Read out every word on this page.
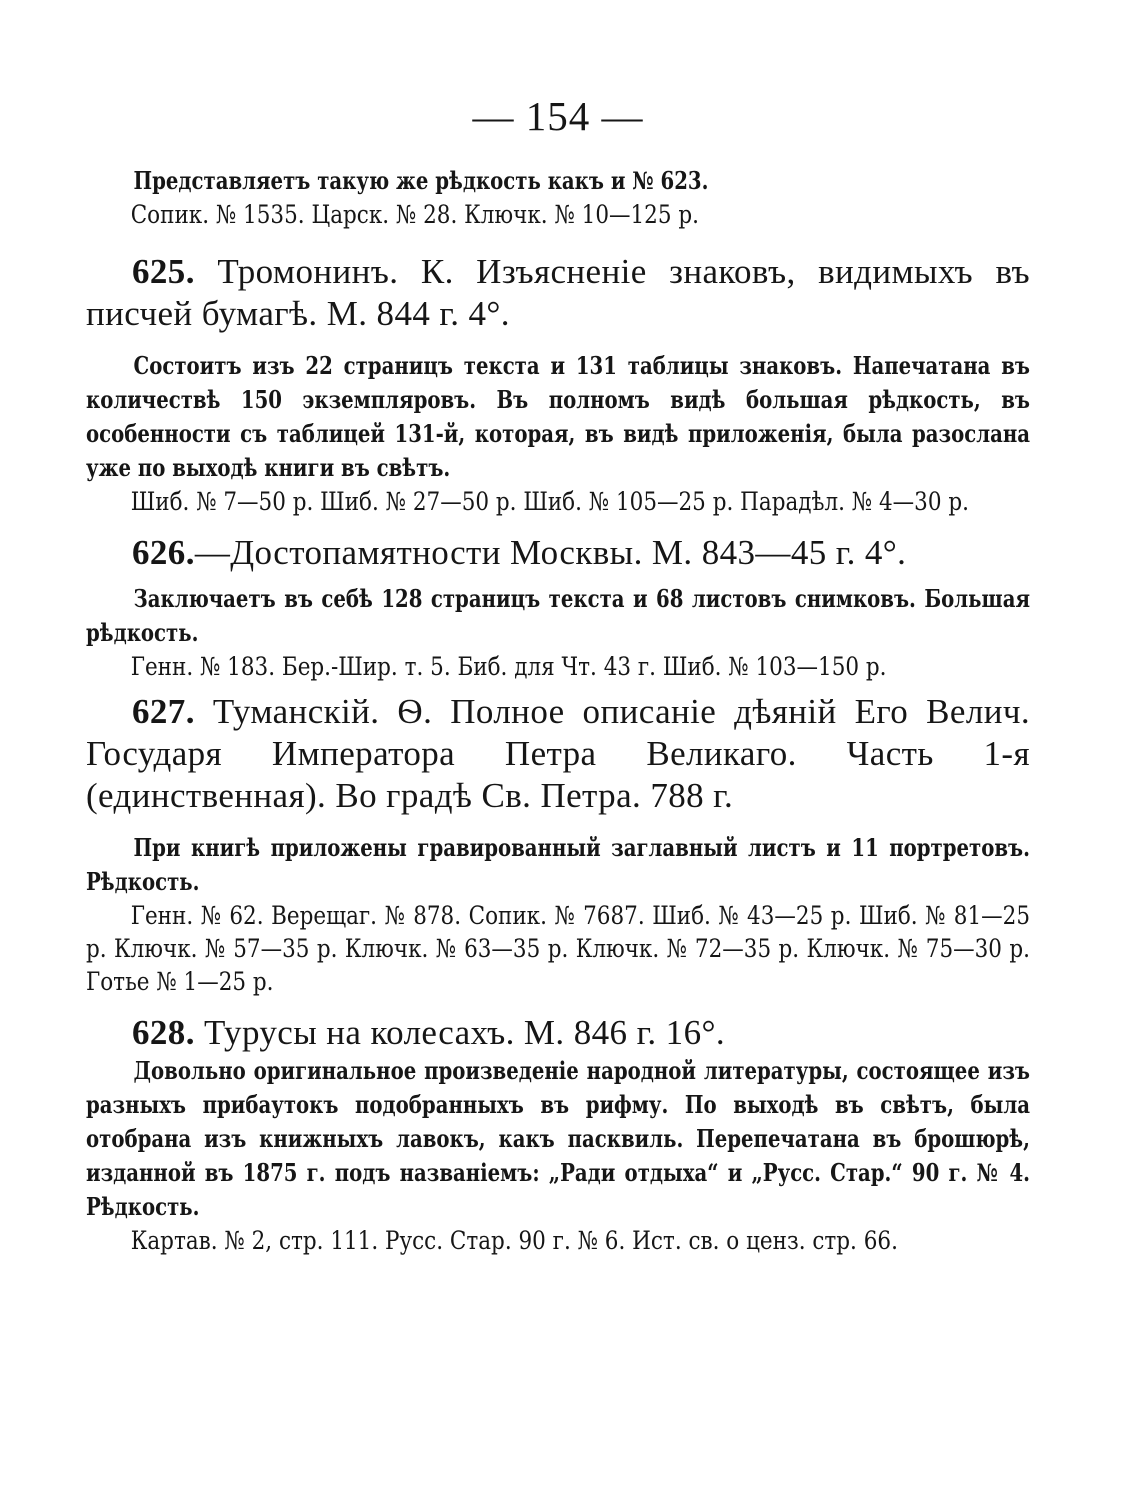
— 154 —
Представляетъ такую же рѣдкость какъ и № 623.
Сопик. № 1535. Царск. № 28. Ключк. № 10—125 р.
625. Тромонинъ. К. Изъясненіе знаковъ, видимыхъ въ писчей бумагѣ. М. 844 г. 4°.
Состоитъ изъ 22 страницъ текста и 131 таблицы знаковъ. Напечатана въ количествѣ 150 экземпляровъ. Въ полномъ видѣ большая рѣдкость, въ особенности съ таблицей 131-й, которая, въ видѣ приложенія, была разослана уже по выходѣ книги въ свѣтъ.
Шиб. № 7—50 р. Шиб. № 27—50 р. Шиб. № 105—25 р. Парадѣл. № 4—30 р.
626.—Достопамятности Москвы. М. 843—45 г. 4°.
Заключаетъ въ себѣ 128 страницъ текста и 68 листовъ снимковъ. Большая рѣдкость.
Генн. № 183. Бер.-Шир. т. 5. Биб. для Чт. 43 г. Шиб. № 103—150 р.
627. Туманскій. Ѳ. Полное описаніе дѣяній Его Велич. Государя Императора Петра Великаго. Часть 1-я (единственная). Во градѣ Св. Петра. 788 г.
При книгѣ приложены гравированный заглавный листъ и 11 портретовъ. Рѣдкость.
Генн. № 62. Верещаг. № 878. Сопик. № 7687. Шиб. № 43—25 р. Шиб. № 81—25 р. Ключк. № 57—35 р. Ключк. № 63—35 р. Ключк. № 72—35 р. Ключк. № 75—30 р. Готье № 1—25 р.
628. Турусы на колесахъ. М. 846 г. 16°.
Довольно оригинальное произведеніе народной литературы, состоящее изъ разныхъ прибаутокъ подобранныхъ въ рифму. По выходѣ въ свѣтъ, была отобрана изъ книжныхъ лавокъ, какъ пасквиль. Перепечатана въ брошюрѣ, изданной въ 1875 г. подъ названіемъ: „Ради отдыха“ и „Русс. Стар.“ 90 г. № 4. Рѣдкость.
Картав. № 2, стр. 111. Русс. Стар. 90 г. № 6. Ист. св. о ценз. стр. 66.
